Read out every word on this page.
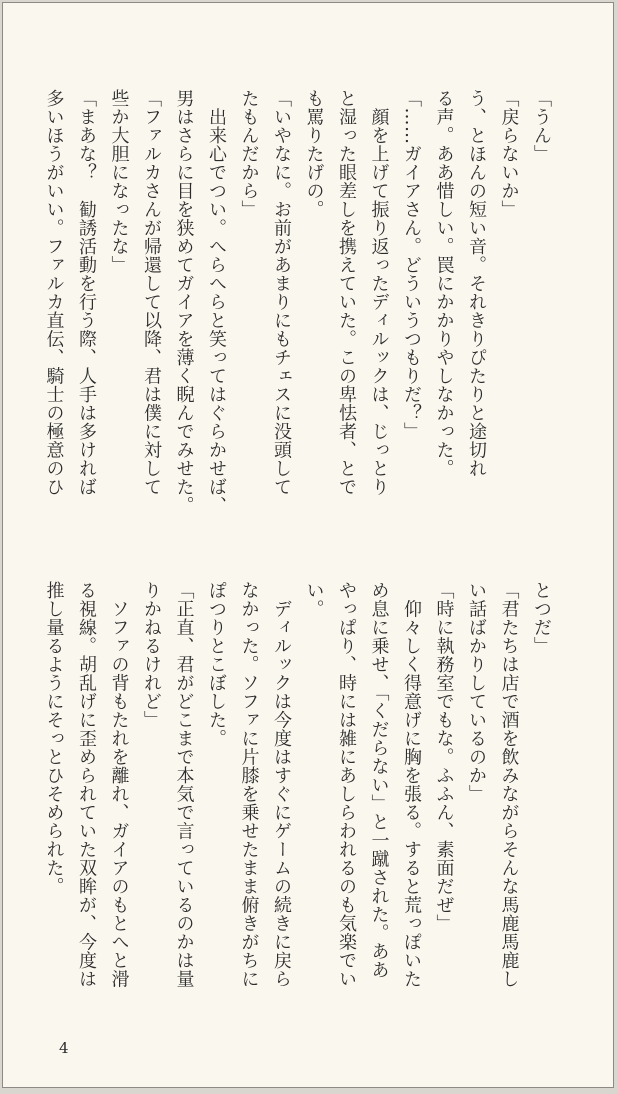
「うん」
「戻らないか」
う、とほんの短い音。それきりぴたりと途切れ
る声。ああ惜しい。罠にかかりやしなかった。
「……ガイアさん。どういうつもりだ？」
　顔を上げて振り返ったディルックは、じっとり
と湿った眼差しを携えていた。この卑怯者、とで
も罵りたげの。
「いやなに。お前があまりにもチェスに没頭して
たもんだから」
　出来心でつい。へらへらと笑ってはぐらかせば、
男はさらに目を狭めてガイアを薄く睨んでみせた。
「ファルカさんが帰還して以降、君は僕に対して
些か大胆になったな」
「まあな？　勧誘活動を行う際、人手は多ければ
多いほうがいい。ファルカ直伝、騎士の極意のひ
とつだ」
「君たちは店で酒を飲みながらそんな馬鹿馬鹿し
い話ばかりしているのか」
「時に執務室でもな。ふふん、素面だぜ」
　仰々しく得意げに胸を張る。すると荒っぽいた
め息に乗せ、「くだらない」と一蹴された。ああ
やっぱり、時には雑にあしらわれるのも気楽でい
い。
　ディルックは今度はすぐにゲームの続きに戻ら
なかった。ソファに片膝を乗せたまま俯きがちに
ぽつりとこぼした。
「正直、君がどこまで本気で言っているのかは量
りかねるけれど」
　ソファの背もたれを離れ、ガイアのもとへと滑
る視線。胡乱げに歪められていた双眸が、今度は
推し量るようにそっとひそめられた。
4
